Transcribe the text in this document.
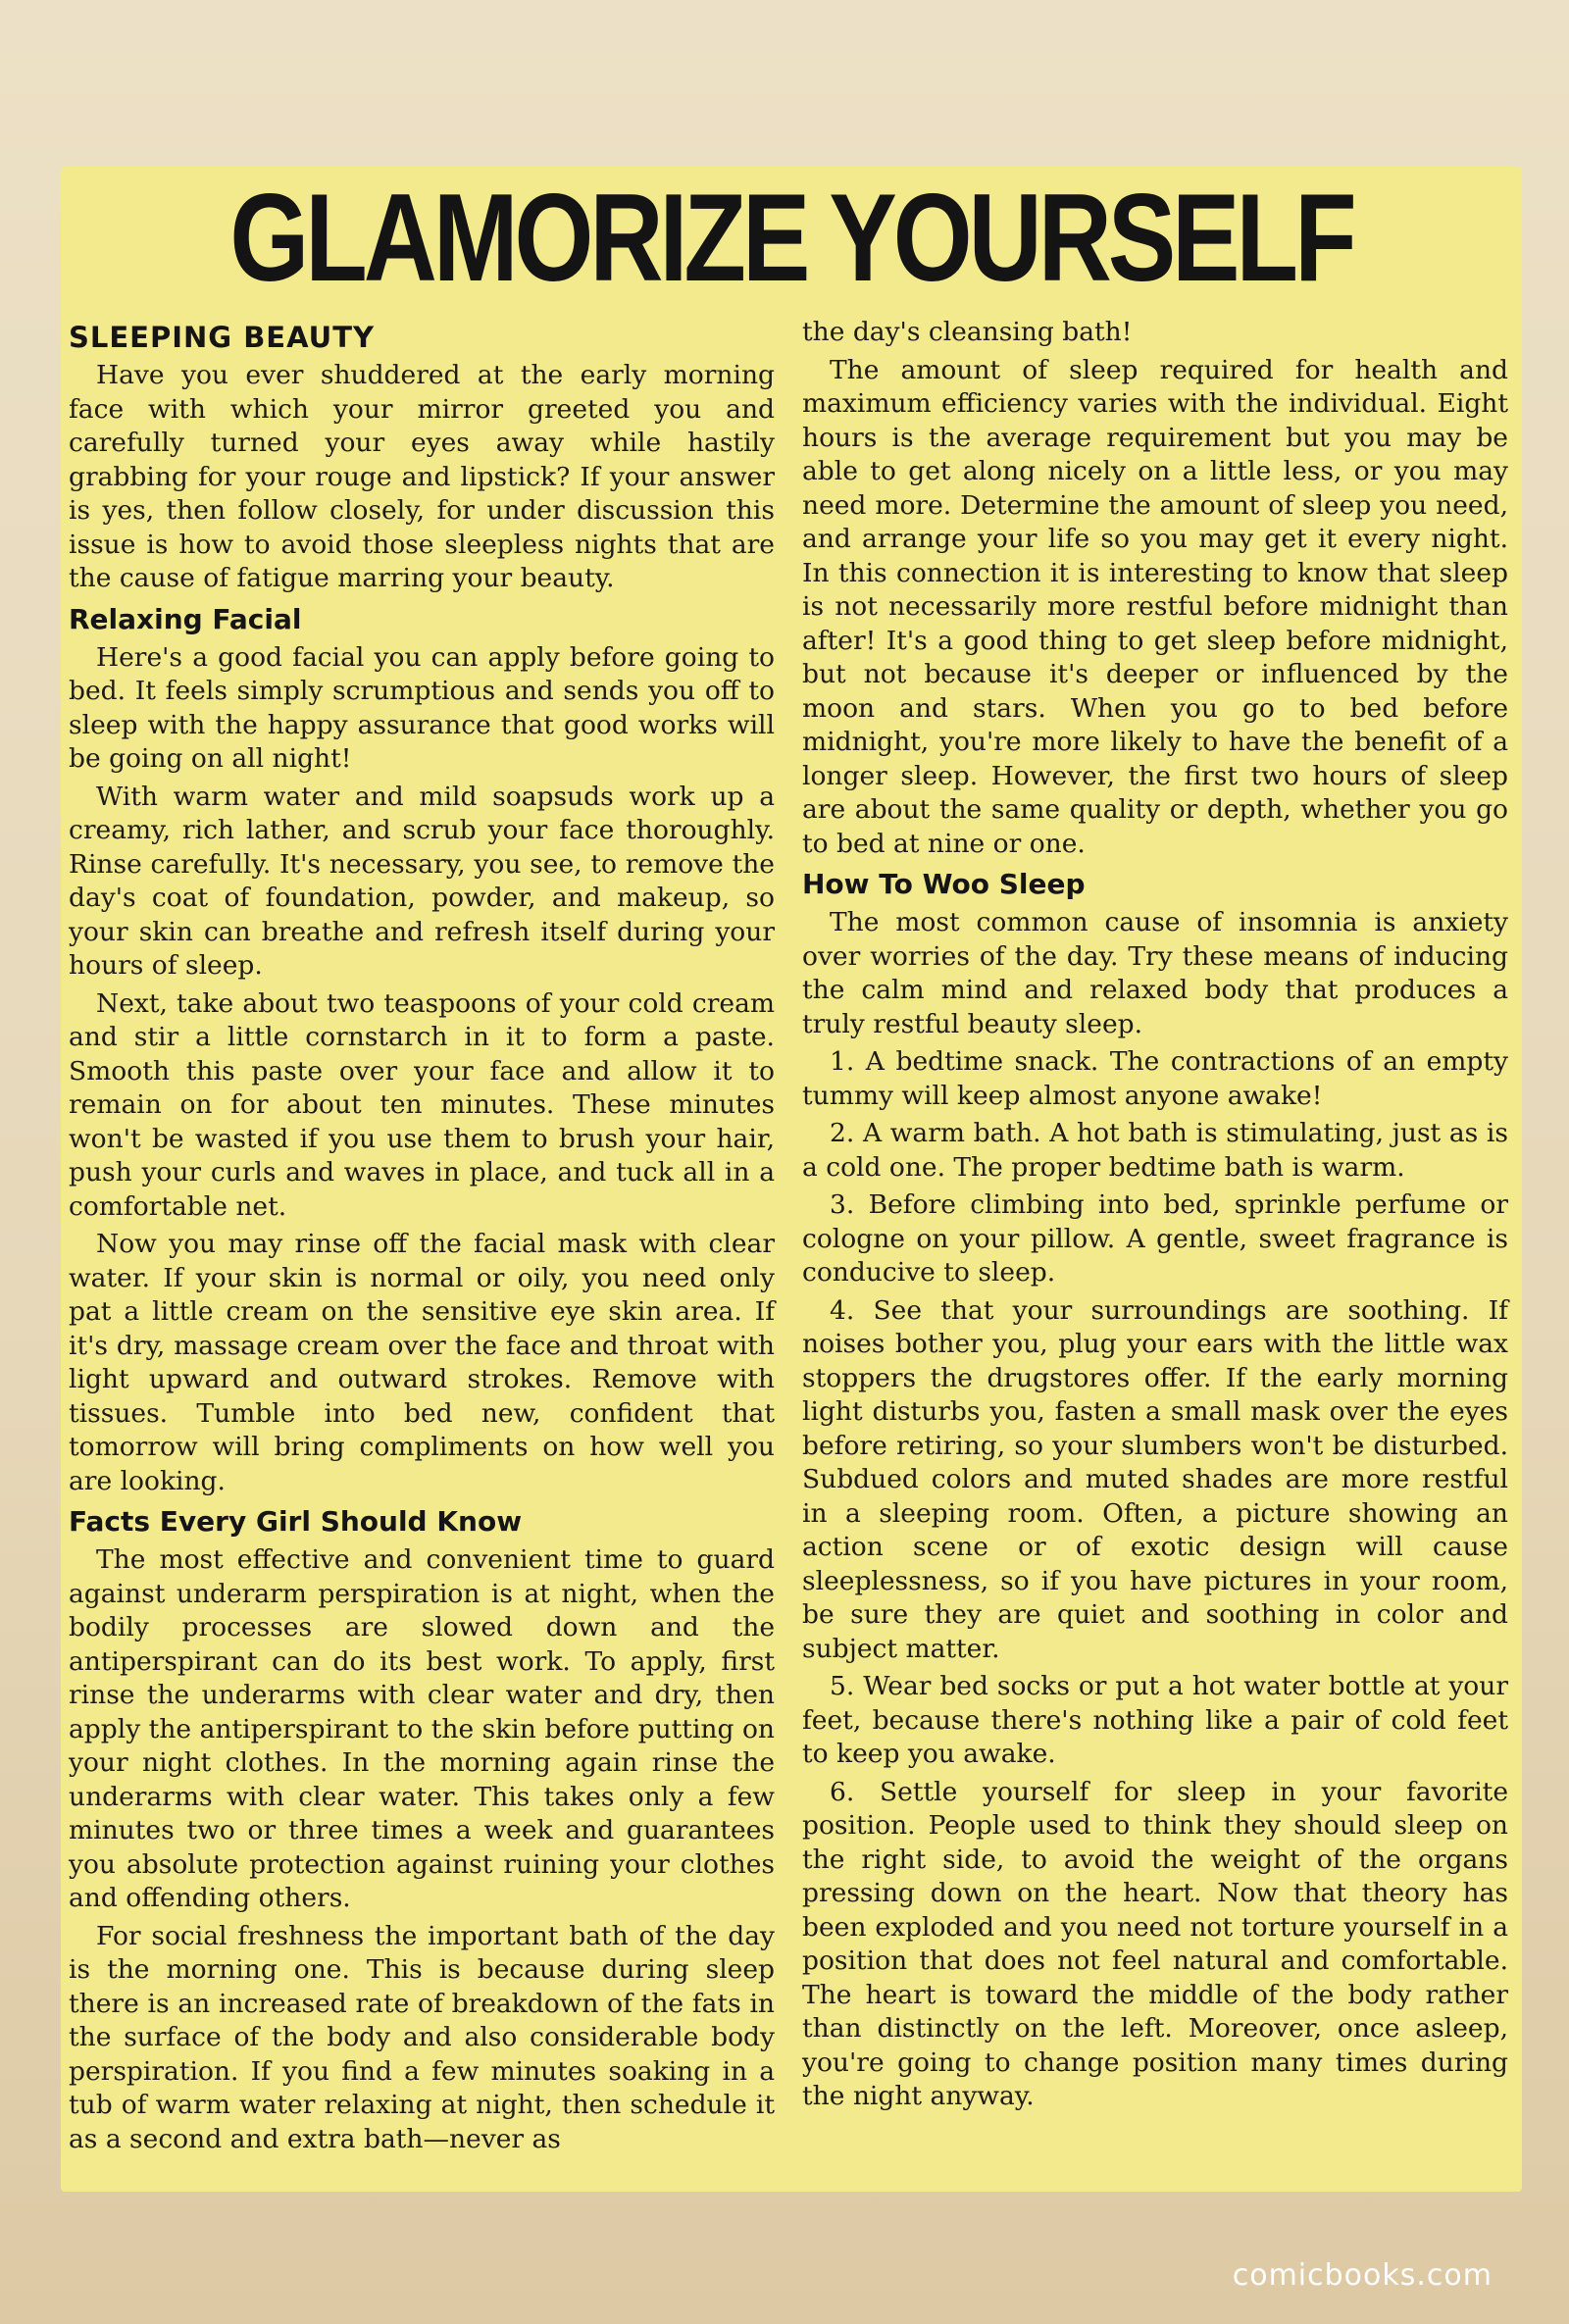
GLAMORIZE YOURSELF
SLEEPING BEAUTY

Have you ever shuddered at the early morning face with which your mirror greeted you and carefully turned your eyes away while hastily grabbing for your rouge and lipstick? If your answer is yes, then follow closely, for under discussion this issue is how to avoid those sleepless nights that are the cause of fatigue marring your beauty.

Relaxing Facial

Here's a good facial you can apply before going to bed. It feels simply scrumptious and sends you off to sleep with the happy assurance that good works will be going on all night!

With warm water and mild soapsuds work up a creamy, rich lather, and scrub your face thoroughly. Rinse carefully. It's necessary, you see, to remove the day's coat of foundation, powder, and makeup, so your skin can breathe and refresh itself during your hours of sleep.

Next, take about two teaspoons of your cold cream and stir a little cornstarch in it to form a paste. Smooth this paste over your face and allow it to remain on for about ten minutes. These minutes won't be wasted if you use them to brush your hair, push your curls and waves in place, and tuck all in a comfortable net.

Now you may rinse off the facial mask with clear water. If your skin is normal or oily, you need only pat a little cream on the sensitive eye skin area. If it's dry, massage cream over the face and throat with light upward and outward strokes. Remove with tissues. Tumble into bed new, confident that tomorrow will bring compliments on how well you are looking.

Facts Every Girl Should Know

The most effective and convenient time to guard against underarm perspiration is at night, when the bodily processes are slowed down and the antiperspirant can do its best work. To apply, first rinse the underarms with clear water and dry, then apply the antiperspirant to the skin before putting on your night clothes. In the morning again rinse the underarms with clear water. This takes only a few minutes two or three times a week and guarantees you absolute protection against ruining your clothes and offending others.

For social freshness the important bath of the day is the morning one. This is because during sleep there is an increased rate of breakdown of the fats in the surface of the body and also considerable body perspiration. If you find a few minutes soaking in a tub of warm water relaxing at night, then schedule it as a second and extra bath—never as

the day's cleansing bath!

The amount of sleep required for health and maximum efficiency varies with the individual. Eight hours is the average requirement but you may be able to get along nicely on a little less, or you may need more. Determine the amount of sleep you need, and arrange your life so you may get it every night. In this connection it is interesting to know that sleep is not necessarily more restful before midnight than after! It's a good thing to get sleep before midnight, but not because it's deeper or influenced by the moon and stars. When you go to bed before midnight, you're more likely to have the benefit of a longer sleep. However, the first two hours of sleep are about the same quality or depth, whether you go to bed at nine or one.

How To Woo Sleep

The most common cause of insomnia is anxiety over worries of the day. Try these means of inducing the calm mind and relaxed body that produces a truly restful beauty sleep.

1. A bedtime snack. The contractions of an empty tummy will keep almost anyone awake!

2. A warm bath. A hot bath is stimulating, just as is a cold one. The proper bedtime bath is warm.

3. Before climbing into bed, sprinkle perfume or cologne on your pillow. A gentle, sweet fragrance is conducive to sleep.

4. See that your surroundings are soothing. If noises bother you, plug your ears with the little wax stoppers the drugstores offer. If the early morning light disturbs you, fasten a small mask over the eyes before retiring, so your slumbers won't be disturbed. Subdued colors and muted shades are more restful in a sleeping room. Often, a picture showing an action scene or of exotic design will cause sleeplessness, so if you have pictures in your room, be sure they are quiet and soothing in color and subject matter.

5. Wear bed socks or put a hot water bottle at your feet, because there's nothing like a pair of cold feet to keep you awake.

6. Settle yourself for sleep in your favorite position. People used to think they should sleep on the right side, to avoid the weight of the organs pressing down on the heart. Now that theory has been exploded and you need not torture yourself in a position that does not feel natural and comfortable. The heart is toward the middle of the body rather than distinctly on the left. Moreover, once asleep, you're going to change position many times during the night anyway.

comicbooks.com
